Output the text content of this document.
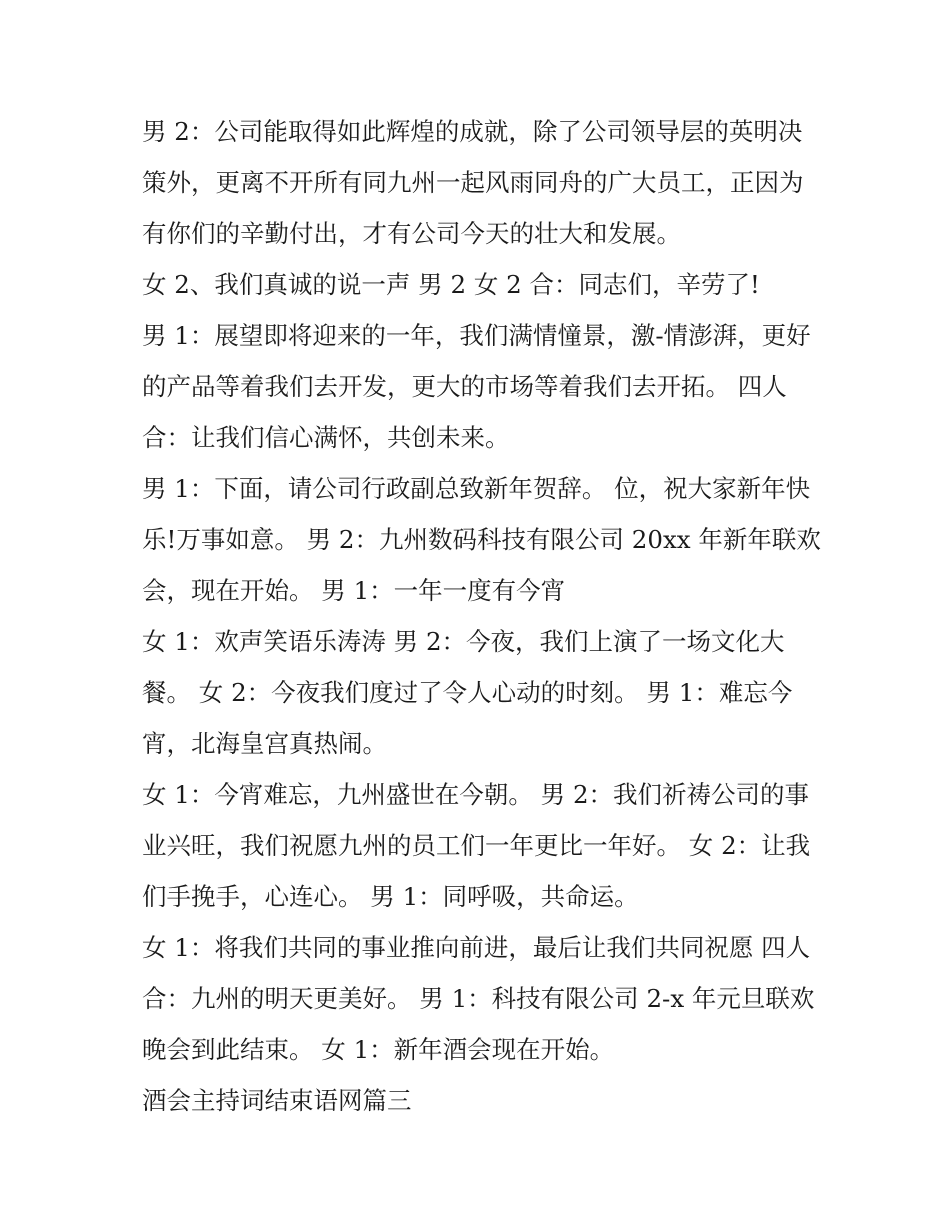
男 2：公司能取得如此辉煌的成就，除了公司领导层的英明决
策外，更离不开所有同九州一起风雨同舟的广大员工，正因为
有你们的辛勤付出，才有公司今天的壮大和发展。

女 2、我们真诚的说一声 男 2 女 2 合：同志们，辛劳了!

男 1：展望即将迎来的一年，我们满情憧景，激-情澎湃，更好
的产品等着我们去开发，更大的市场等着我们去开拓。 四人
合：让我们信心满怀，共创未来。

男 1：下面，请公司行政副总致新年贺辞。 位，祝大家新年快
乐!万事如意。 男 2：九州数码科技有限公司 20xx 年新年联欢
会，现在开始。 男 1：一年一度有今宵

女 1：欢声笑语乐涛涛 男 2：今夜，我们上演了一场文化大
餐。 女 2：今夜我们度过了令人心动的时刻。 男 1：难忘今
宵，北海皇宫真热闹。

女 1：今宵难忘，九州盛世在今朝。 男 2：我们祈祷公司的事
业兴旺，我们祝愿九州的员工们一年更比一年好。 女 2：让我
们手挽手，心连心。 男 1：同呼吸，共命运。

女 1：将我们共同的事业推向前进，最后让我们共同祝愿 四人
合：九州的明天更美好。 男 1：科技有限公司 2-x 年元旦联欢
晚会到此结束。 女 1：新年酒会现在开始。

酒会主持词结束语网篇三
